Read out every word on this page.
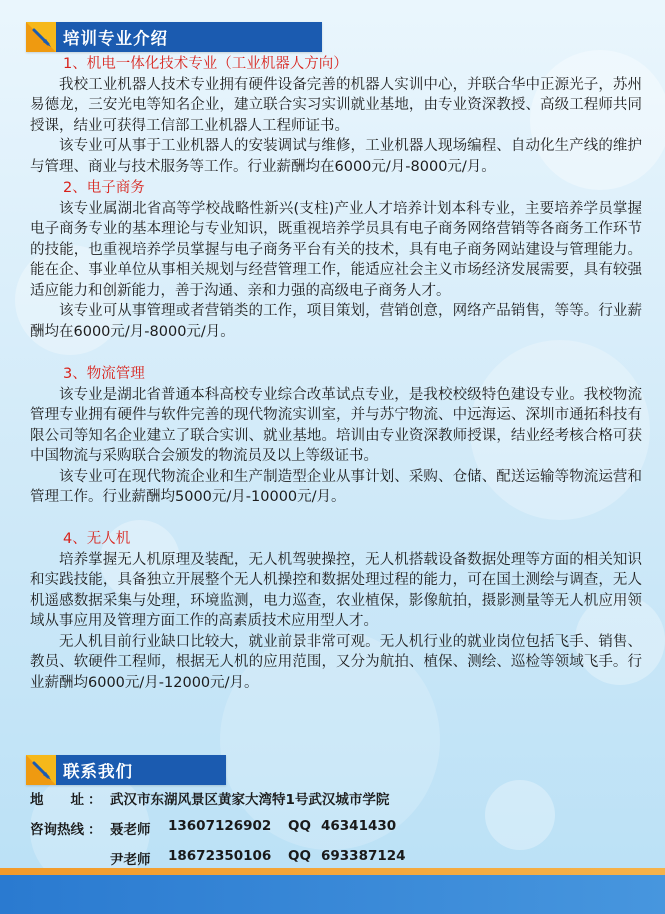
培训专业介绍
1、机电一体化技术专业（工业机器人方向）

我校工业机器人技术专业拥有硬件设备完善的机器人实训中心，并联合华中正源光子，苏州易德龙，三安光电等知名企业，建立联合实习实训就业基地，由专业资深教授、高级工程师共同授课，结业可获得工信部工业机器人工程师证书。

该专业可从事于工业机器人的安装调试与维修，工业机器人现场编程、自动化生产线的维护与管理、商业与技术服务等工作。行业薪酬均在6000元/月-8000元/月。

2、电子商务

该专业属湖北省高等学校战略性新兴(支柱)产业人才培养计划本科专业，主要培养学员掌握电子商务专业的基本理论与专业知识，既重视培养学员具有电子商务网络营销等各商务工作环节的技能，也重视培养学员掌握与电子商务平台有关的技术，具有电子商务网站建设与管理能力。能在企、事业单位从事相关规划与经营管理工作，能适应社会主义市场经济发展需要，具有较强适应能力和创新能力，善于沟通、亲和力强的高级电子商务人才。

该专业可从事管理或者营销类的工作，项目策划，营销创意，网络产品销售，等等。行业薪酬均在6000元/月-8000元/月。

3、物流管理

该专业是湖北省普通本科高校专业综合改革试点专业，是我校校级特色建设专业。我校物流管理专业拥有硬件与软件完善的现代物流实训室，并与苏宁物流、中远海运、深圳市通拓科技有限公司等知名企业建立了联合实训、就业基地。培训由专业资深教师授课，结业经考核合格可获中国物流与采购联合会颁发的物流员及以上等级证书。

该专业可在现代物流企业和生产制造型企业从事计划、采购、仓储、配送运输等物流运营和管理工作。行业薪酬均5000元/月-10000元/月。

4、无人机

培养掌握无人机原理及装配，无人机驾驶操控，无人机搭载设备数据处理等方面的相关知识和实践技能，具备独立开展整个无人机操控和数据处理过程的能力，可在国土测绘与调查，无人机遥感数据采集与处理，环境监测，电力巡查，农业植保，影像航拍，摄影测量等无人机应用领域从事应用及管理方面工作的高素质技术应用型人才。

无人机目前行业缺口比较大，就业前景非常可观。无人机行业的就业岗位包括飞手、销售、教员、软硬件工程师，根据无人机的应用范围，又分为航拍、植保、测绘、巡检等领域飞手。行业薪酬均6000元/月-12000元/月。

联系我们
地　　址 ： 武汉市东湖风景区黄家大湾特1号武汉城市学院
咨询热线 ： 聂老师 13607126902 QQ 46341430
尹老师 18672350106 QQ 693387124
